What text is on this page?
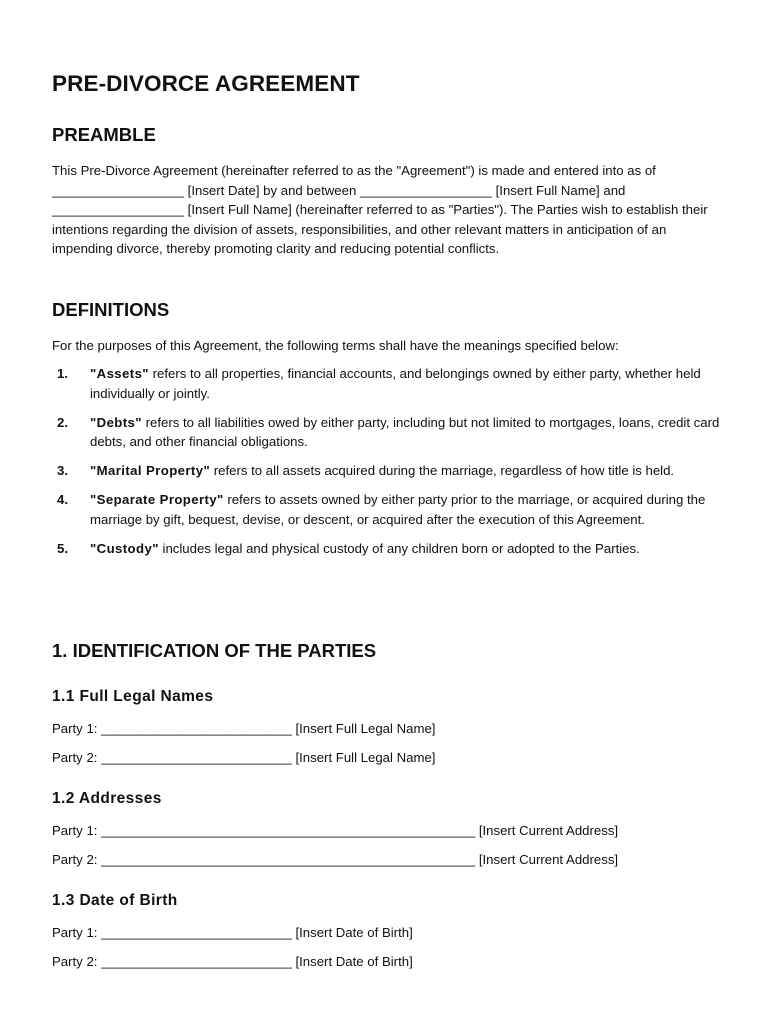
PRE-DIVORCE AGREEMENT
PREAMBLE

This Pre-Divorce Agreement (hereinafter referred to as the "Agreement") is made and entered into as of __________________ [Insert Date] by and between __________________ [Insert Full Name] and __________________ [Insert Full Name] (hereinafter referred to as "Parties"). The Parties wish to establish their intentions regarding the division of assets, responsibilities, and other relevant matters in anticipation of an impending divorce, thereby promoting clarity and reducing potential conflicts.

DEFINITIONS

For the purposes of this Agreement, the following terms shall have the meanings specified below:

1. "Assets" refers to all properties, financial accounts, and belongings owned by either party, whether held individually or jointly.
2. "Debts" refers to all liabilities owed by either party, including but not limited to mortgages, loans, credit card debts, and other financial obligations.
3. "Marital Property" refers to all assets acquired during the marriage, regardless of how title is held.
4. "Separate Property" refers to assets owned by either party prior to the marriage, or acquired during the marriage by gift, bequest, devise, or descent, or acquired after the execution of this Agreement.
5. "Custody" includes legal and physical custody of any children born or adopted to the Parties.
1. IDENTIFICATION OF THE PARTIES
1.1 Full Legal Names

Party 1: __________________________ [Insert Full Legal Name]

Party 2: __________________________ [Insert Full Legal Name]

1.2 Addresses

Party 1: ___________________________________________________ [Insert Current Address]

Party 2: ___________________________________________________ [Insert Current Address]

1.3 Date of Birth

Party 1: __________________________ [Insert Date of Birth]

Party 2: __________________________ [Insert Date of Birth]
